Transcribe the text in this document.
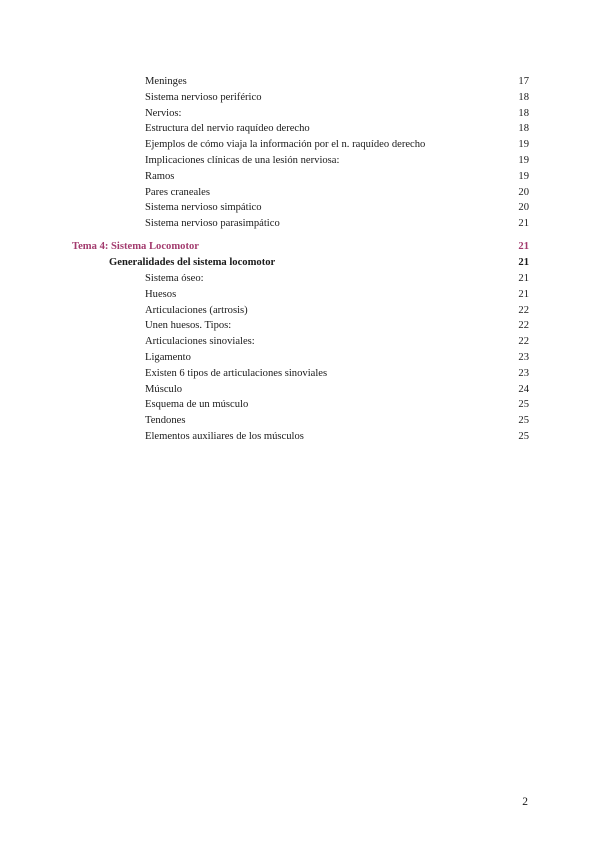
Meninges	17
Sistema nervioso periférico	18
Nervios:	18
Estructura del nervio raquídeo derecho	18
Ejemplos de cómo viaja la información por el n. raquídeo derecho	19
Implicaciones clínicas de una lesión nerviosa:	19
Ramos	19
Pares craneales	20
Sistema nervioso simpático	20
Sistema nervioso parasimpático	21
Tema 4: Sistema Locomotor	21
Generalidades del sistema locomotor	21
Sistema óseo:	21
Huesos	21
Articulaciones (artrosis)	22
Unen huesos. Tipos:	22
Articulaciones sinoviales:	22
Ligamento	23
Existen 6 tipos de articulaciones sinoviales	23
Músculo	24
Esquema de un músculo	25
Tendones	25
Elementos auxiliares de los músculos	25
2
